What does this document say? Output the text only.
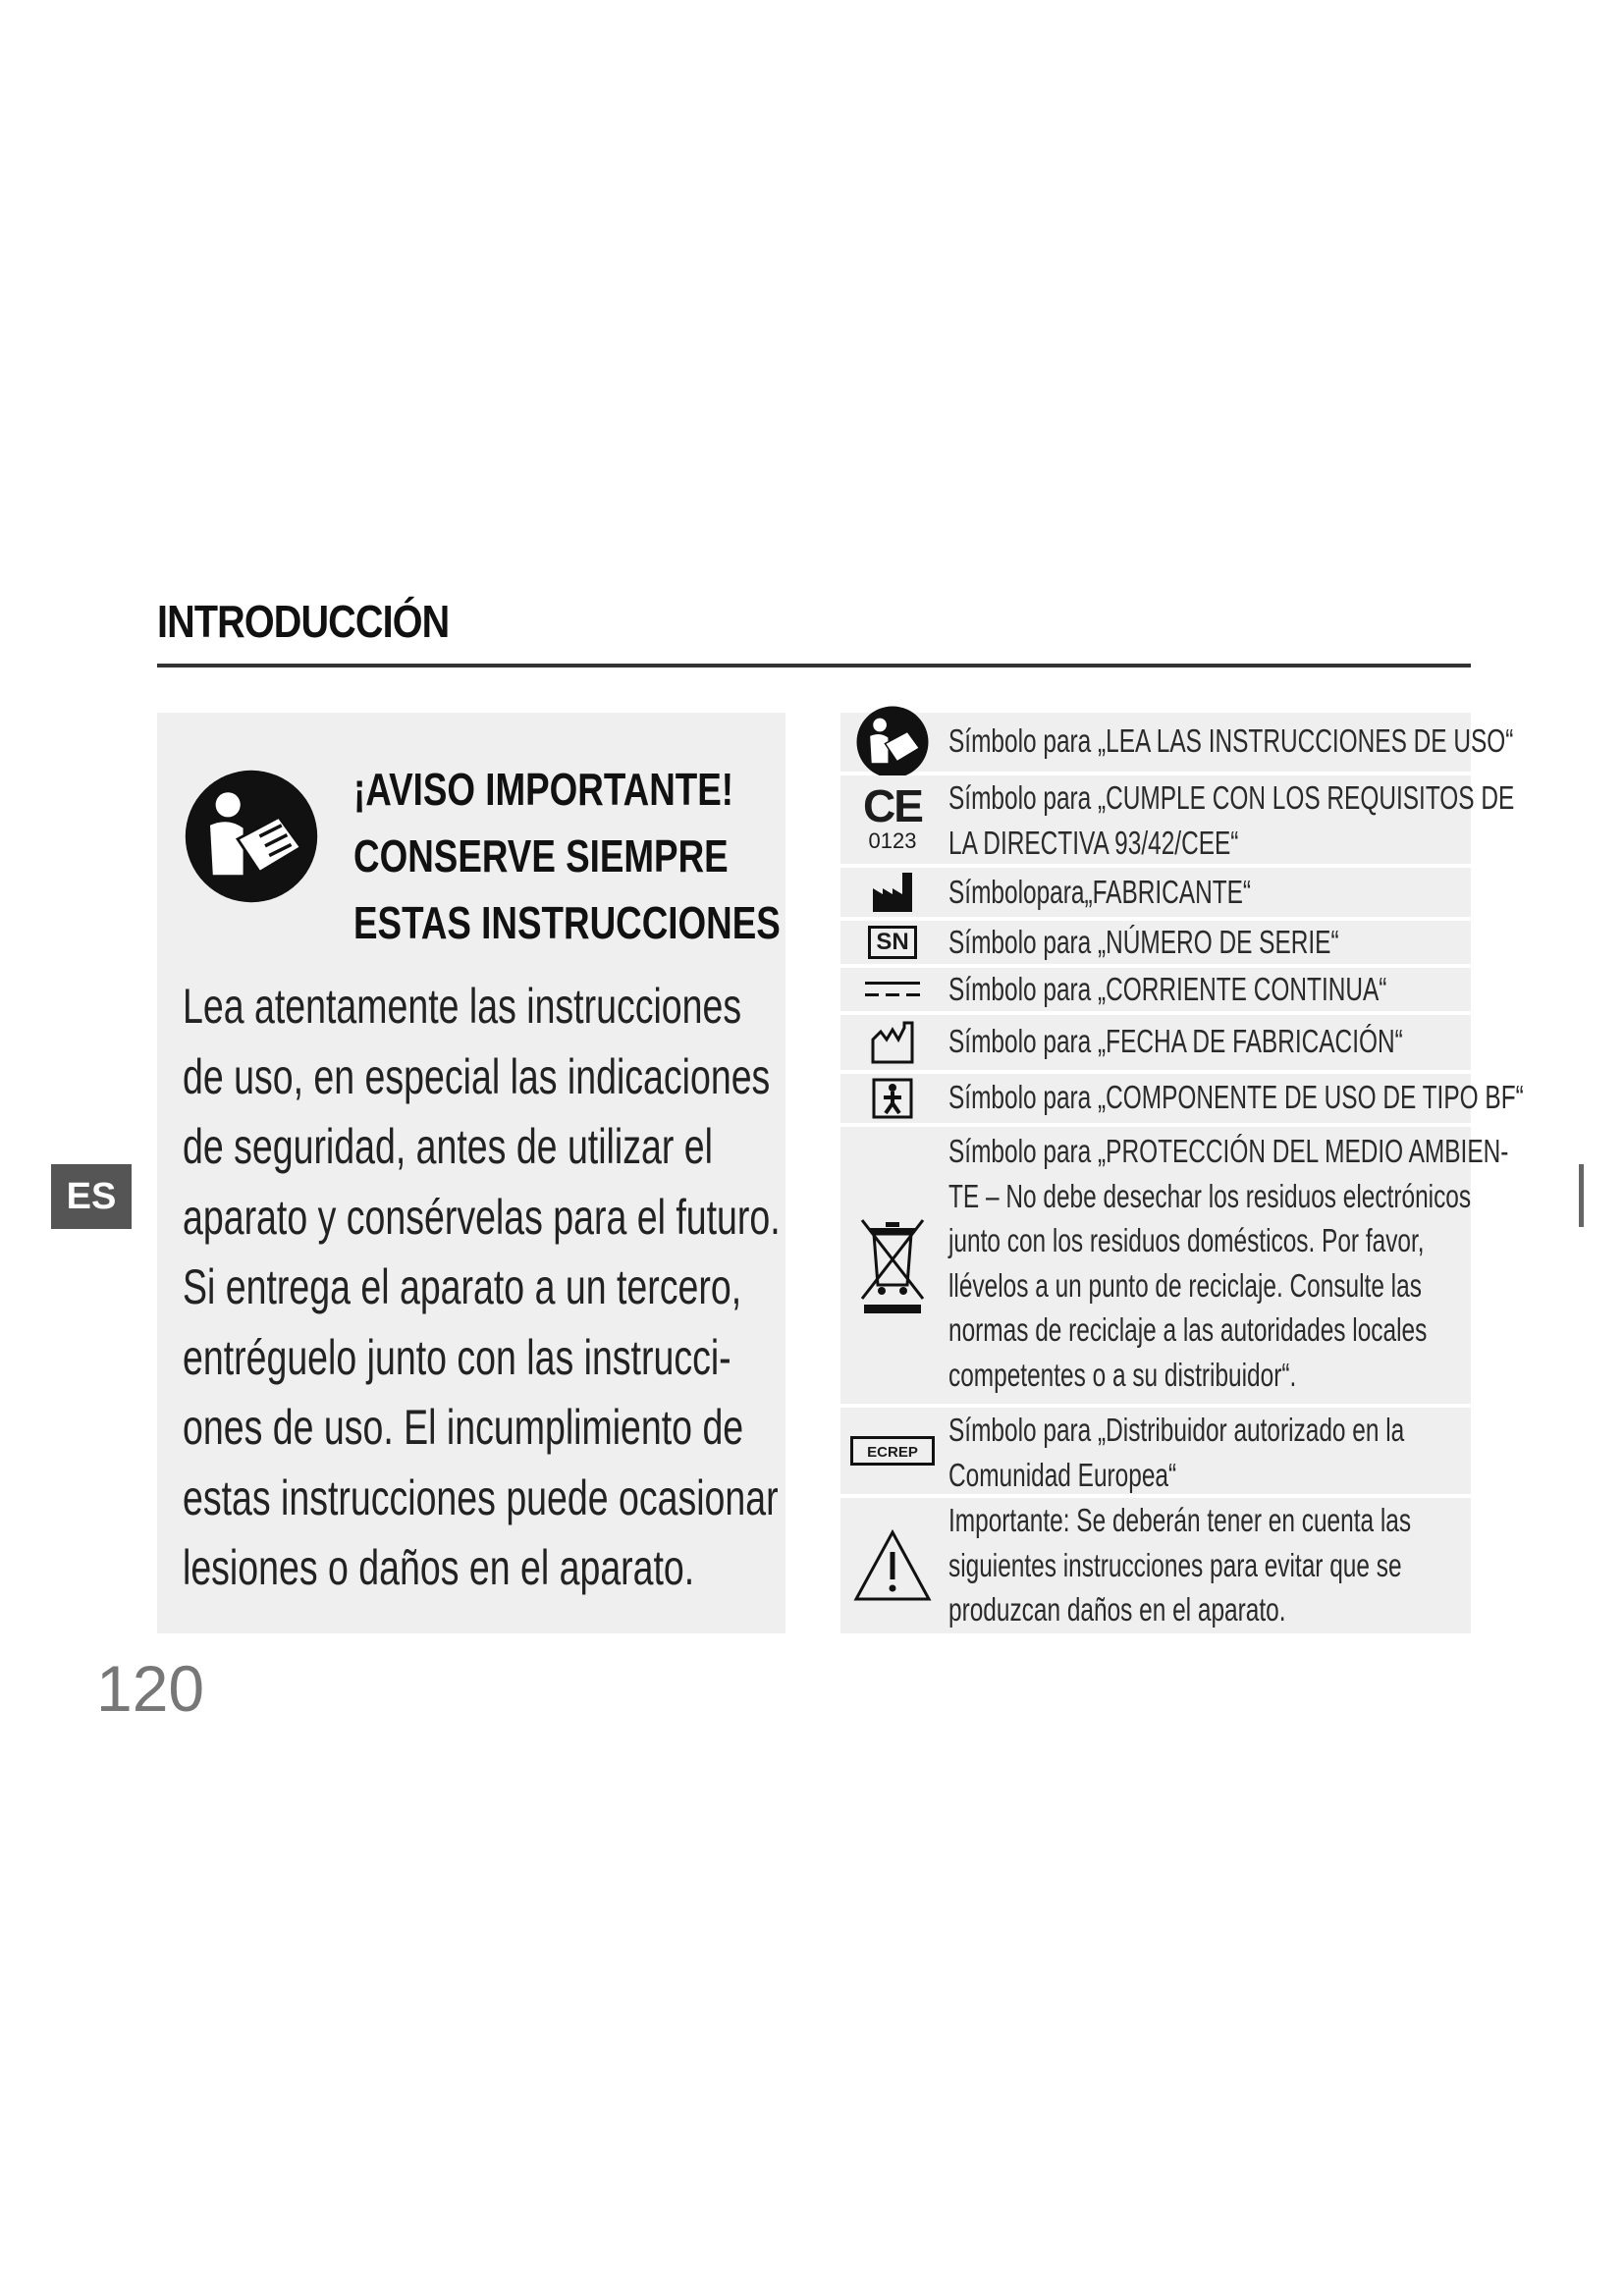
INTRODUCCIÓN
¡AVISO IMPORTANTE!
CONSERVE SIEMPRE
ESTAS INSTRUCCIONES
Lea atentamente las instrucciones
de uso, en especial las indicaciones
de seguridad, antes de utilizar el
aparato y consérvelas para el futuro.
Si entrega el aparato a un tercero,
entréguelo junto con las instrucci-
ones de uso. El incumplimiento de
estas instrucciones puede ocasionar
lesiones o daños en el aparato.
Símbolo para „LEA LAS INSTRUCCIONES DE USO“
CE
0123
Símbolo para „CUMPLE CON LOS REQUISITOS DE
LA DIRECTIVA 93/42/CEE“
Símbolopara„FABRICANTE“
SN Símbolo para „NÚMERO DE SERIE“
Símbolo para „CORRIENTE CONTINUA“
Símbolo para „FECHA DE FABRICACIÓN“
Símbolo para „COMPONENTE DE USO DE TIPO BF“
Símbolo para „PROTECCIÓN DEL MEDIO AMBIEN-
TE – No debe desechar los residuos electrónicos
junto con los residuos domésticos. Por favor,
llévelos a un punto de reciclaje. Consulte las
normas de reciclaje a las autoridades locales
competentes o a su distribuidor“.
ECREP
Símbolo para „Distribuidor autorizado en la
Comunidad Europea“
Importante: Se deberán tener en cuenta las
siguientes instrucciones para evitar que se
produzcan daños en el aparato.
ES
120
